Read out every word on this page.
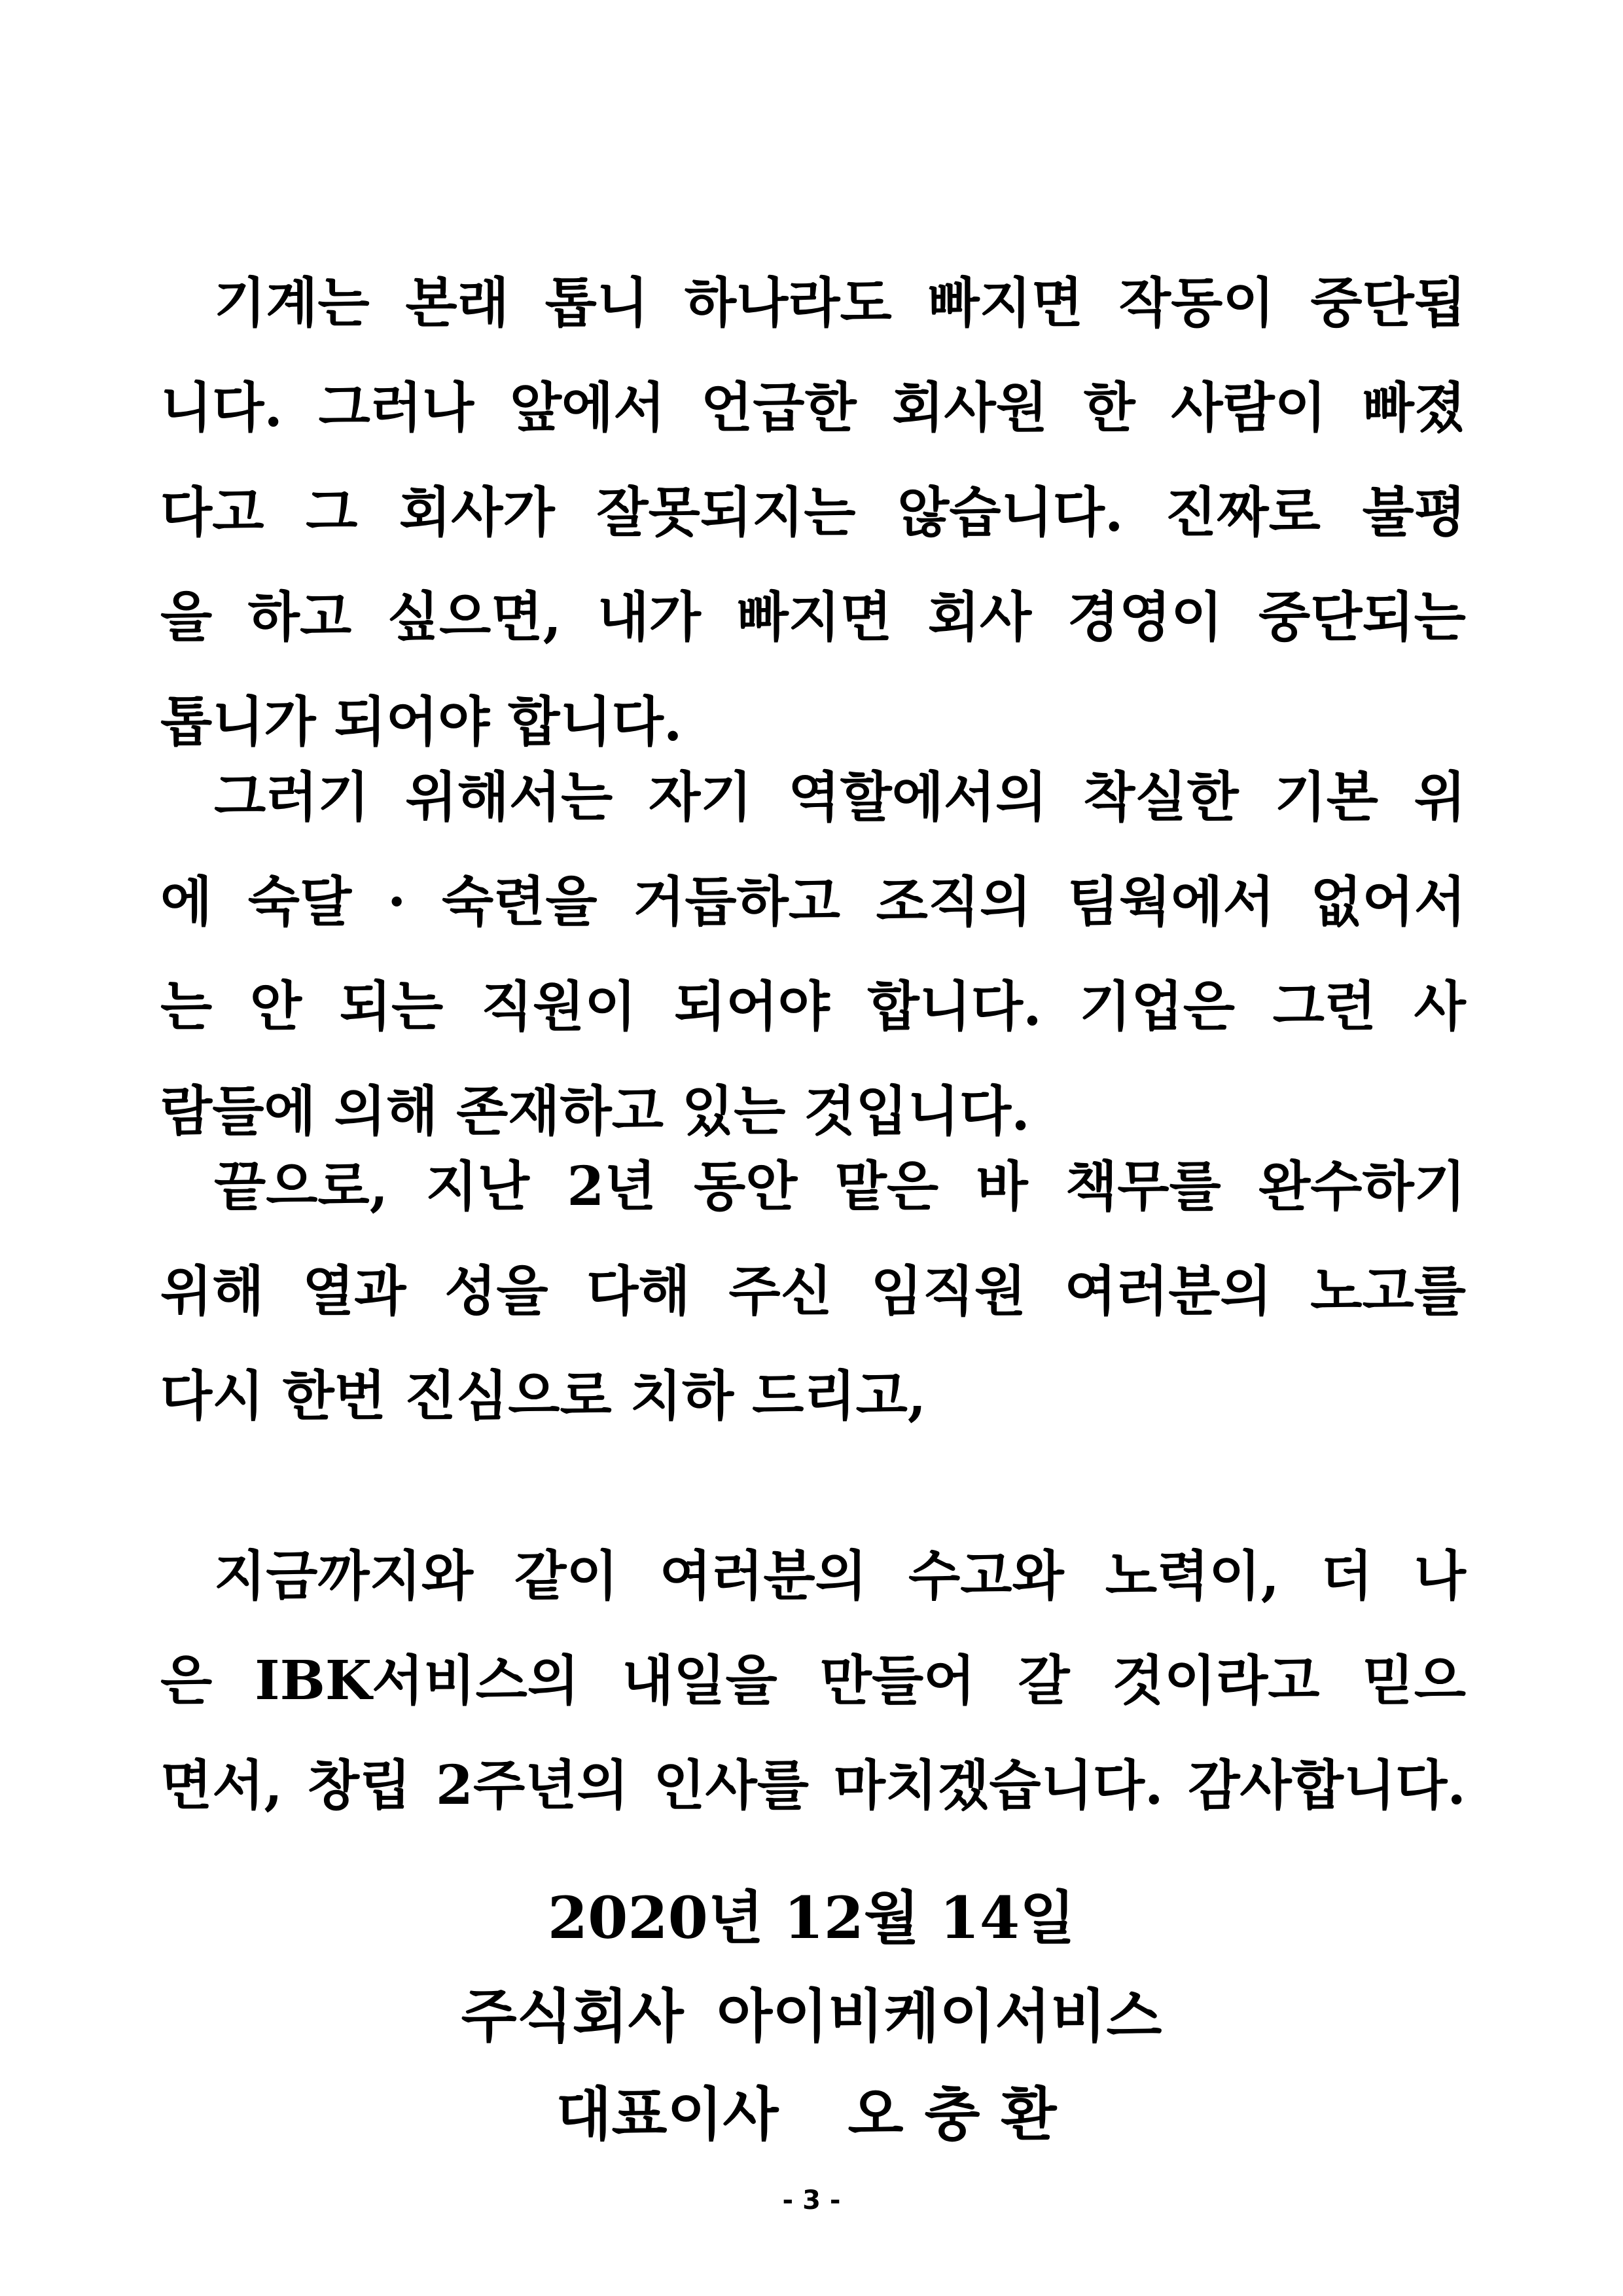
기계는 본래 톱니 하나라도 빠지면 작동이 중단됩
니다. 그러나 앞에서 언급한 회사원 한 사람이 빠졌
다고 그 회사가 잘못되지는 않습니다. 진짜로 불평
을 하고 싶으면, 내가 빠지면 회사 경영이 중단되는
톱니가 되어야 합니다.
그러기 위해서는 자기 역할에서의 착실한 기본 위
에 숙달 · 숙련을 거듭하고 조직의 팀웍에서 없어서
는 안 되는 직원이 되어야 합니다. 기업은 그런 사
람들에 의해 존재하고 있는 것입니다.
끝으로, 지난 2년 동안 맡은 바 책무를 완수하기
위해 열과 성을 다해 주신 임직원 여러분의 노고를
다시 한번 진심으로 치하 드리고,
지금까지와 같이 여러분의 수고와 노력이, 더 나
은 IBK서비스의 내일을 만들어 갈 것이라고 믿으
면서, 창립 2주년의 인사를 마치겠습니다. 감사합니다.
2020년 12월 14일
주식회사 아이비케이서비스
대표이사 오 충 환
- 3 -
